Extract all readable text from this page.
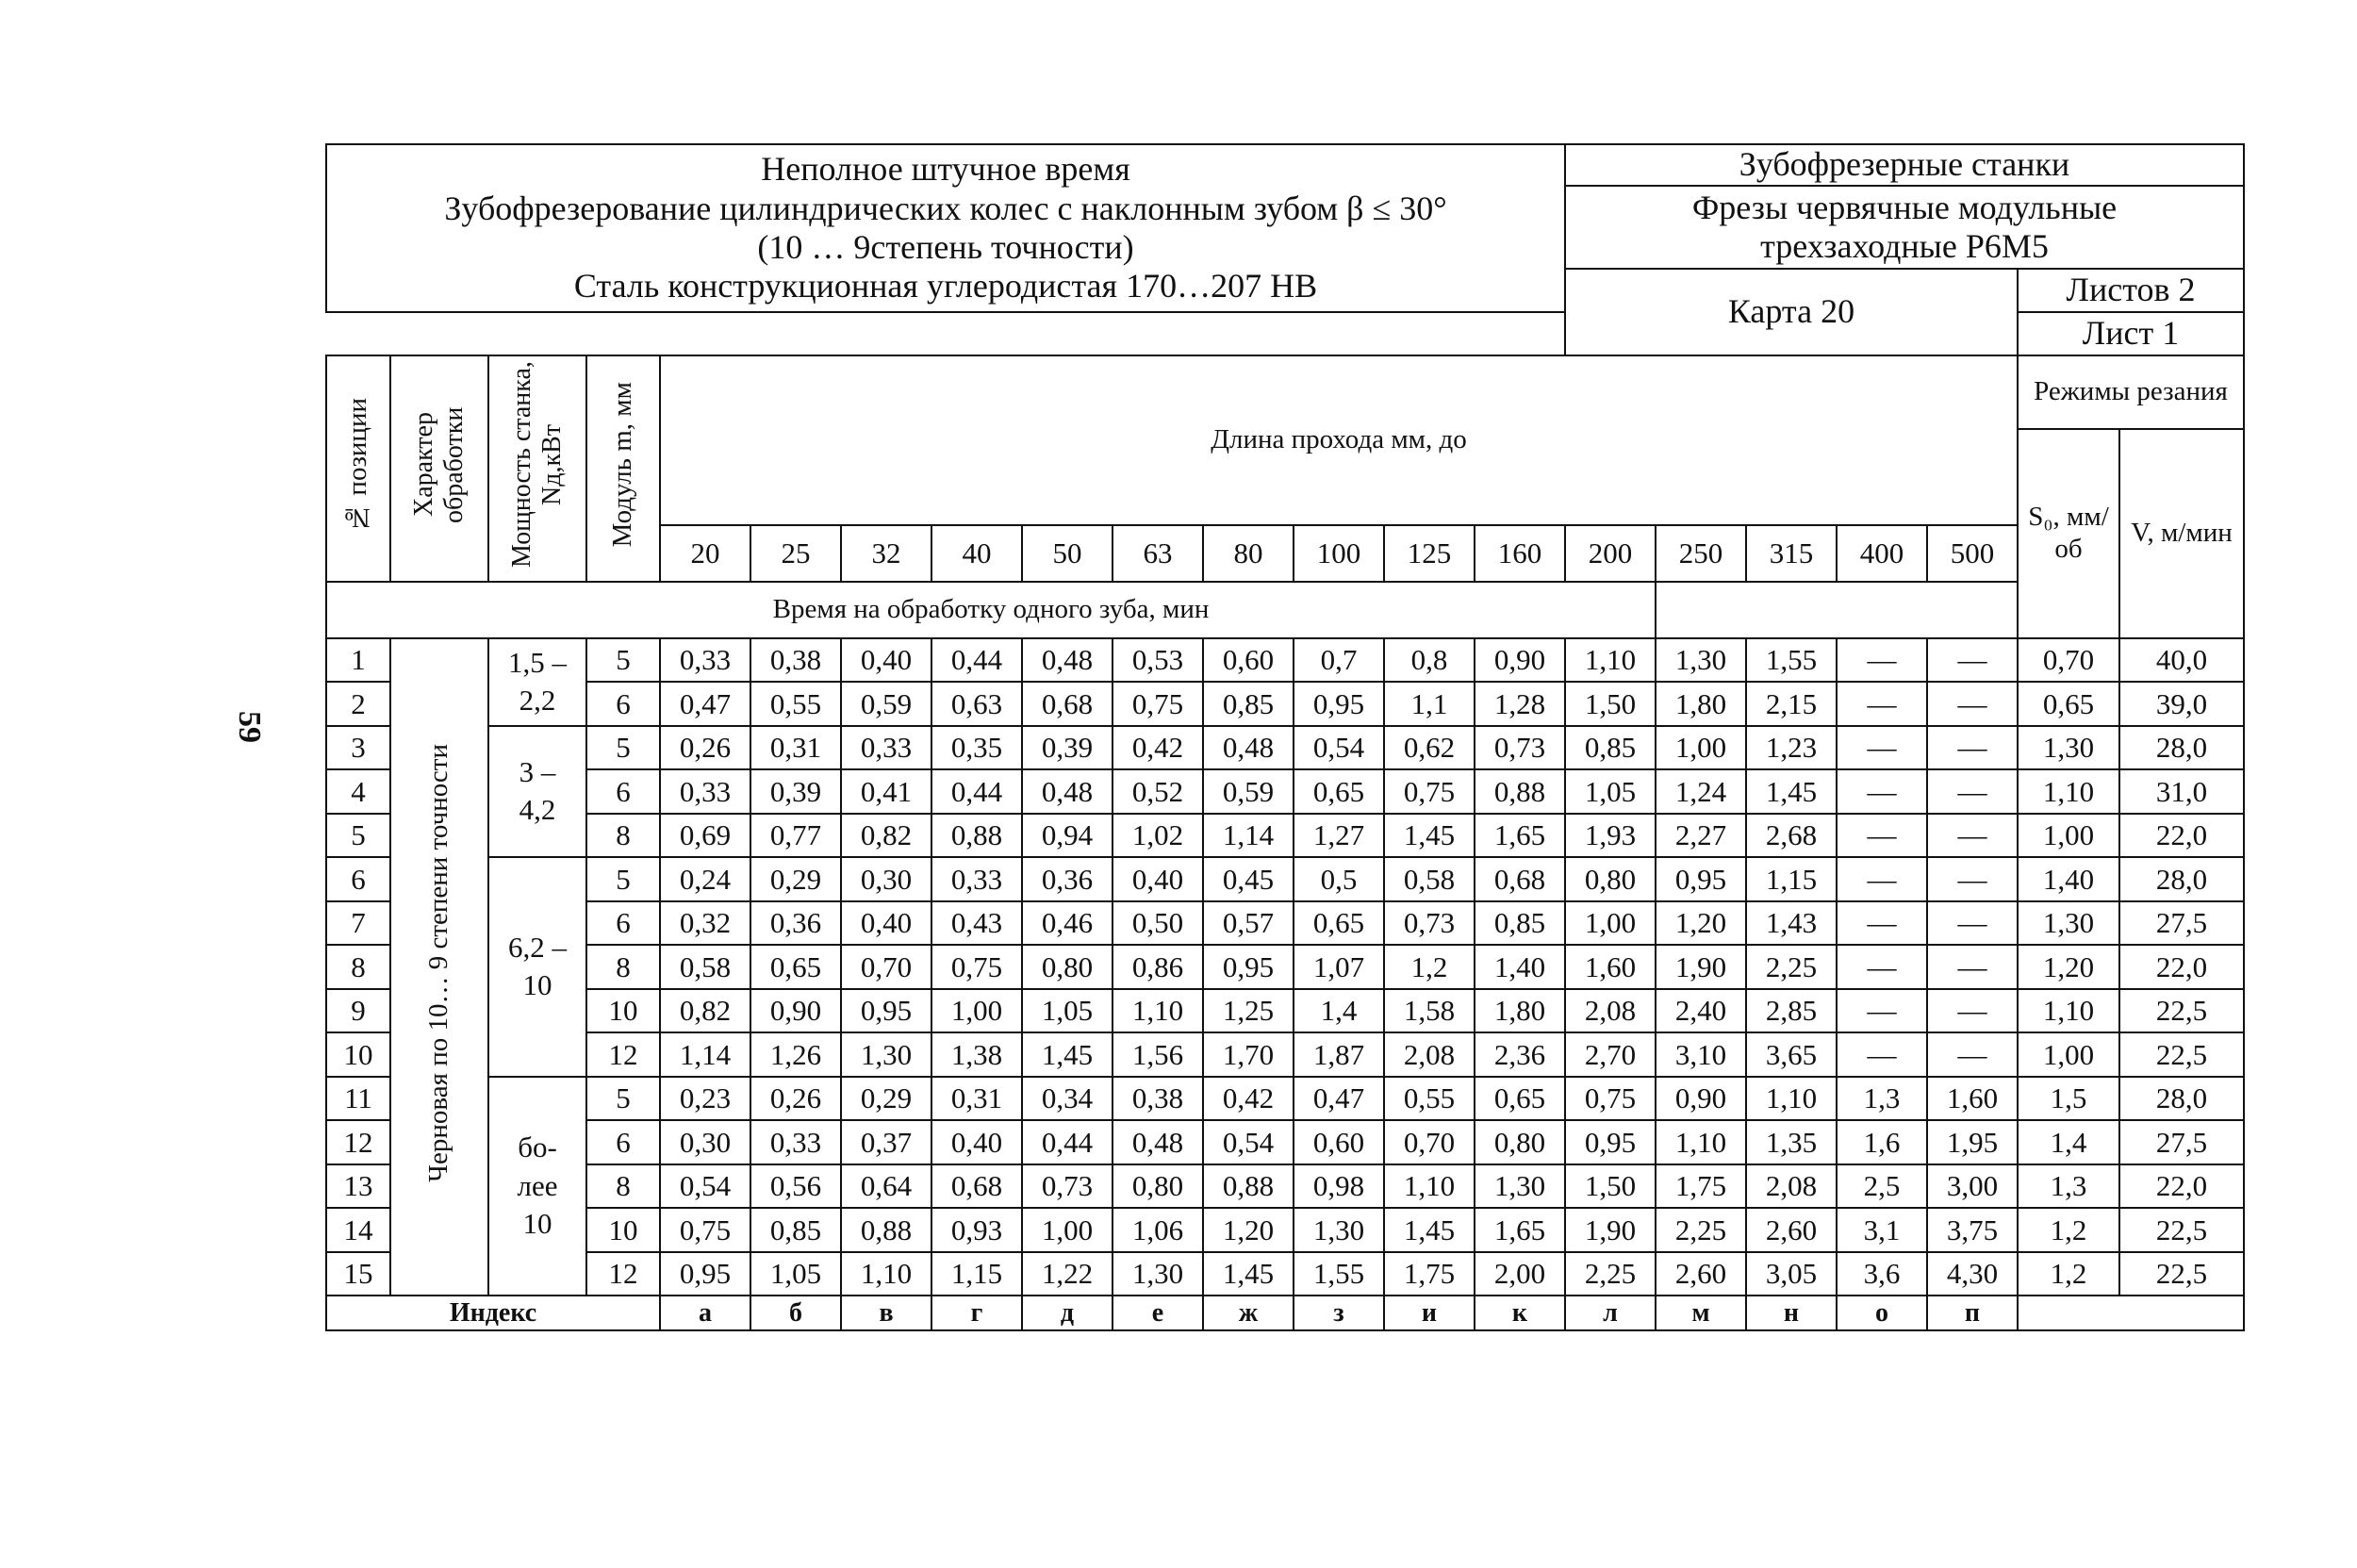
59
Неполное штучное время
Зубофрезерование цилиндрических колес с наклонным зубом β ≤ 30°
(10 … 9степень точности)
Сталь конструкционная углеродистая 170…207 НВ														Зубофрезерные станки						

														Фрезы червячные модульные
трехзаходные Р6М5						

														Карта 20					Листов 2	
																			Лист 1	
№ позиции	Характер обработки	Мощность станка, Nд,кВт	Модуль m, мм	Длина прохода мм, до															Режимы резания	
																			S₀, мм/ об	V, м/мин
				20	25	32	40	50	63	80	100	125	160	200	250	315	400	500		
Время на обработку одного зуба, мин																				
1	Черновая по 10… 9 степени точности	1,5 – 2,2	5	0,33	0,38	0,40	0,44	0,48	0,53	0,60	0,7	0,8	0,90	1,10	1,30	1,55	—	—	0,70	40,0
2			6	0,47	0,55	0,59	0,63	0,68	0,75	0,85	0,95	1,1	1,28	1,50	1,80	2,15	—	—	0,65	39,0
3		3 – 4,2	5	0,26	0,31	0,33	0,35	0,39	0,42	0,48	0,54	0,62	0,73	0,85	1,00	1,23	—	—	1,30	28,0
4			6	0,33	0,39	0,41	0,44	0,48	0,52	0,59	0,65	0,75	0,88	1,05	1,24	1,45	—	—	1,10	31,0
5			8	0,69	0,77	0,82	0,88	0,94	1,02	1,14	1,27	1,45	1,65	1,93	2,27	2,68	—	—	1,00	22,0
6		6,2 – 10	5	0,24	0,29	0,30	0,33	0,36	0,40	0,45	0,5	0,58	0,68	0,80	0,95	1,15	—	—	1,40	28,0
7			6	0,32	0,36	0,40	0,43	0,46	0,50	0,57	0,65	0,73	0,85	1,00	1,20	1,43	—	—	1,30	27,5
8			8	0,58	0,65	0,70	0,75	0,80	0,86	0,95	1,07	1,2	1,40	1,60	1,90	2,25	—	—	1,20	22,0
9			10	0,82	0,90	0,95	1,00	1,05	1,10	1,25	1,4	1,58	1,80	2,08	2,40	2,85	—	—	1,10	22,5
10			12	1,14	1,26	1,30	1,38	1,45	1,56	1,70	1,87	2,08	2,36	2,70	3,10	3,65	—	—	1,00	22,5
11		бо- лее 10	5	0,23	0,26	0,29	0,31	0,34	0,38	0,42	0,47	0,55	0,65	0,75	0,90	1,10	1,3	1,60	1,5	28,0
12			6	0,30	0,33	0,37	0,40	0,44	0,48	0,54	0,60	0,70	0,80	0,95	1,10	1,35	1,6	1,95	1,4	27,5
13			8	0,54	0,56	0,64	0,68	0,73	0,80	0,88	0,98	1,10	1,30	1,50	1,75	2,08	2,5	3,00	1,3	22,0
14			10	0,75	0,85	0,88	0,93	1,00	1,06	1,20	1,30	1,45	1,65	1,90	2,25	2,60	3,1	3,75	1,2	22,5
15			12	0,95	1,05	1,10	1,15	1,22	1,30	1,45	1,55	1,75	2,00	2,25	2,60	3,05	3,6	4,30	1,2	22,5
Индекс				а	б	в	г	д	е	ж	з	и	к	л	м	н	о	п		
